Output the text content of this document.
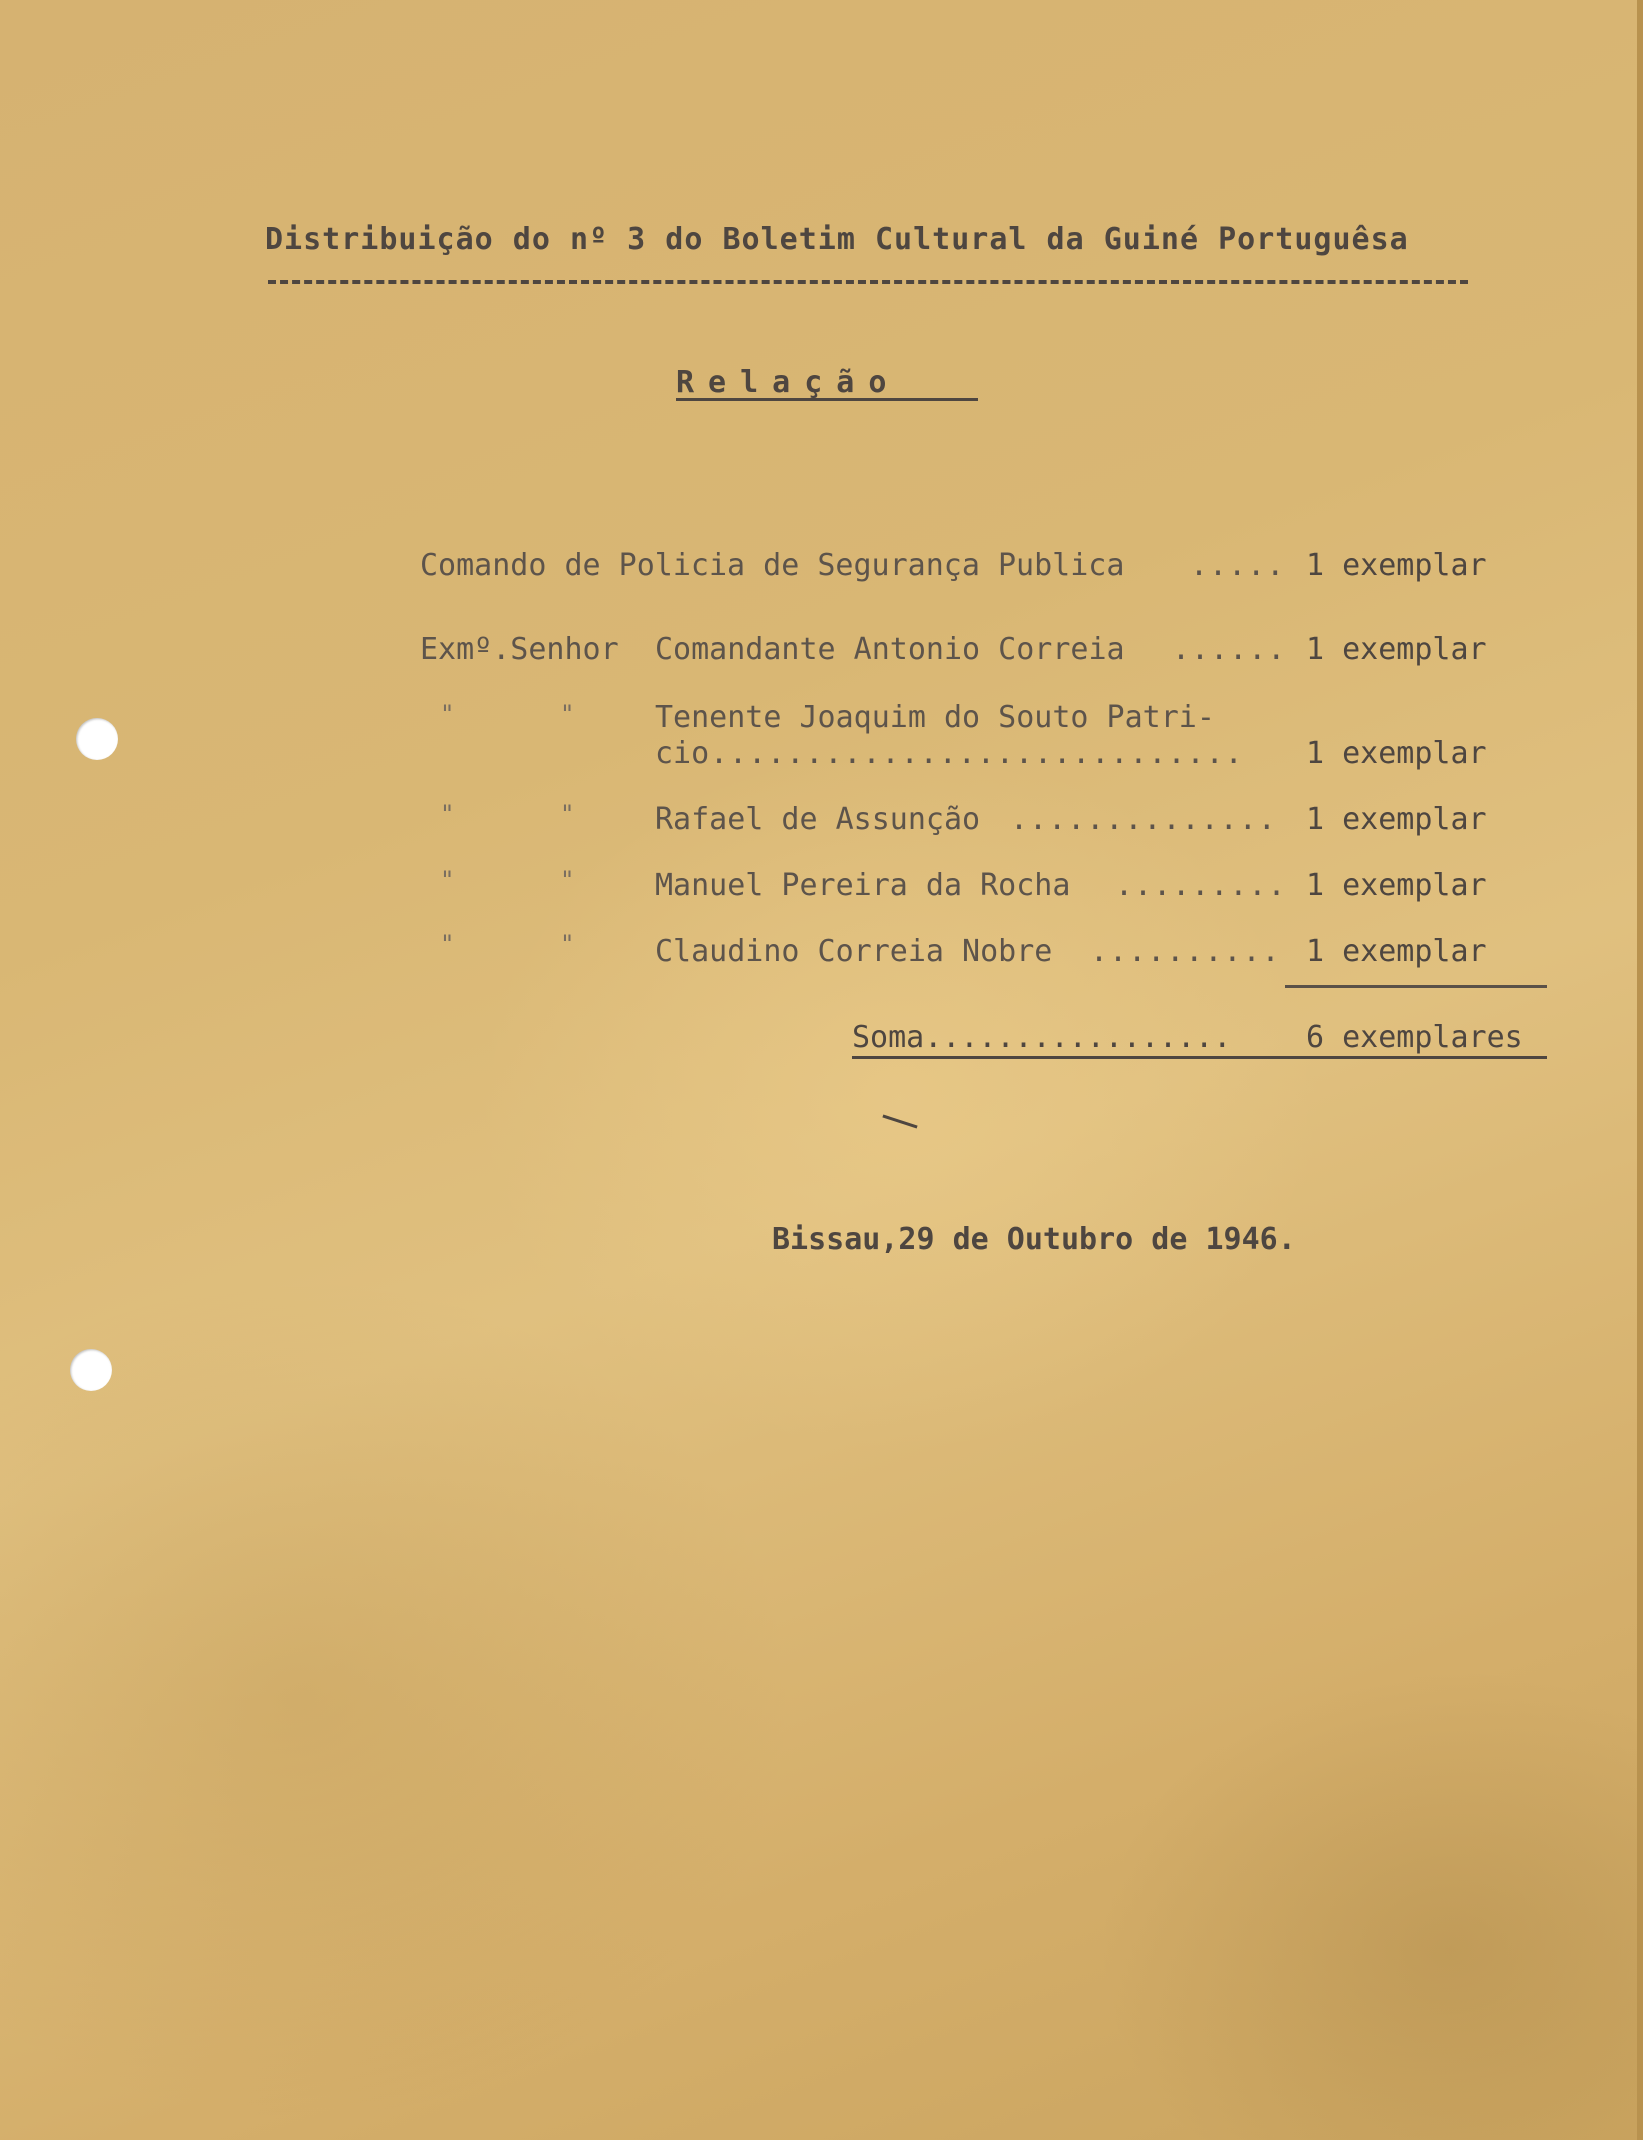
Distribuição do nº 3 do Boletim Cultural da Guiné Portuguêsa
Relação
Comando de Policia de Segurança Publica ..... 1 exemplar
Exmº.Senhor Comandante Antonio Correia ...... 1 exemplar
"	"	Tenente Joaquim do Souto Patri-
cio ............................	1 exemplar
"	"	Rafael de Assunção .............. 1 exemplar
"	"	Manuel Pereira da Rocha ......... 1 exemplar
"	"	Claudino Correia Nobre .......... 1 exemplar
Soma................. 6 exemplares
Bissau,29 de Outubro de 1946.
